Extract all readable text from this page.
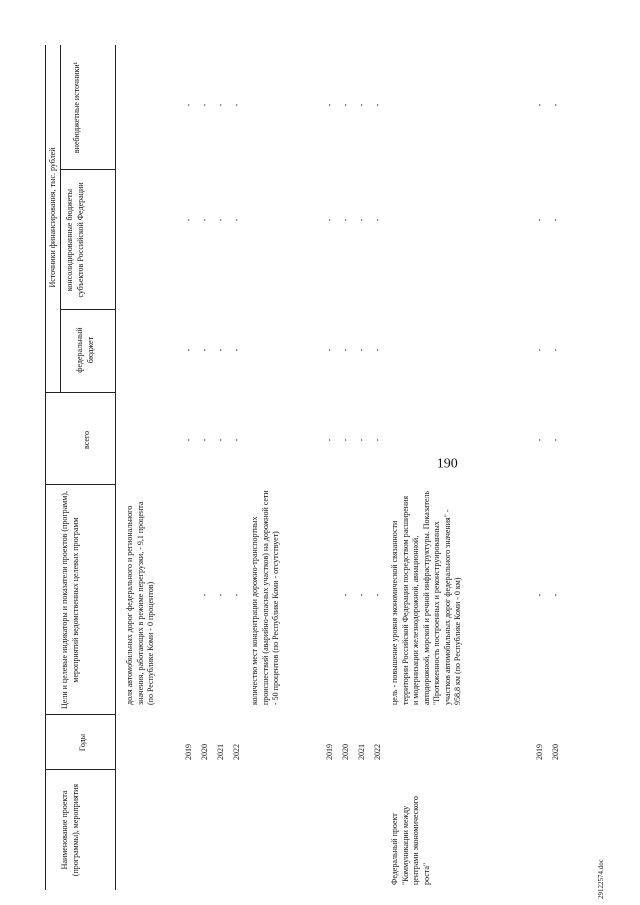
190
29122574.doc
Наименование проекта (программы), мероприятия
Годы
Цели и целевые индикаторы и показатели проектов (программ), мероприятий ведомственных целевых программ
Источники финансирования, тыс. рублей
всего
федеральный бюджет
консолидированные бюджеты субъектов Российской Федерации
внебюджетные источники¹
доля автомобильных дорог федерального и регионального значения, работающих в режиме перегрузки, - 9,1 процента (по Республике Коми - 0 процентов)
2019 2020 2021 2022
- - -
- - - -
- - - -
- - - -
- - - -
количество мест концентрации дорожно-транспортных происшествий (аварийно-опасных участков) на дорожной сети - 50 процентов (по Республике Коми - отсутствует)
2019 2020 2021 2022
- - -
- - - -
- - - -
- - - -
- - - -
Федеральный проект "Коммуникации между центрами экономического роста"
цель - повышение уровня экономической связанности территории Российской Федерации посредством расширения и модернизации железнодорожной, авиационной, автодорожной, морской и речной инфраструктуры. Показатель "Протяженность построенных и реконструированных участков автомобильных дорог федерального значения" - 958,8 км (по Республике Коми - 0 км)
2019 2020
- -
- -
- -
- -
- -
